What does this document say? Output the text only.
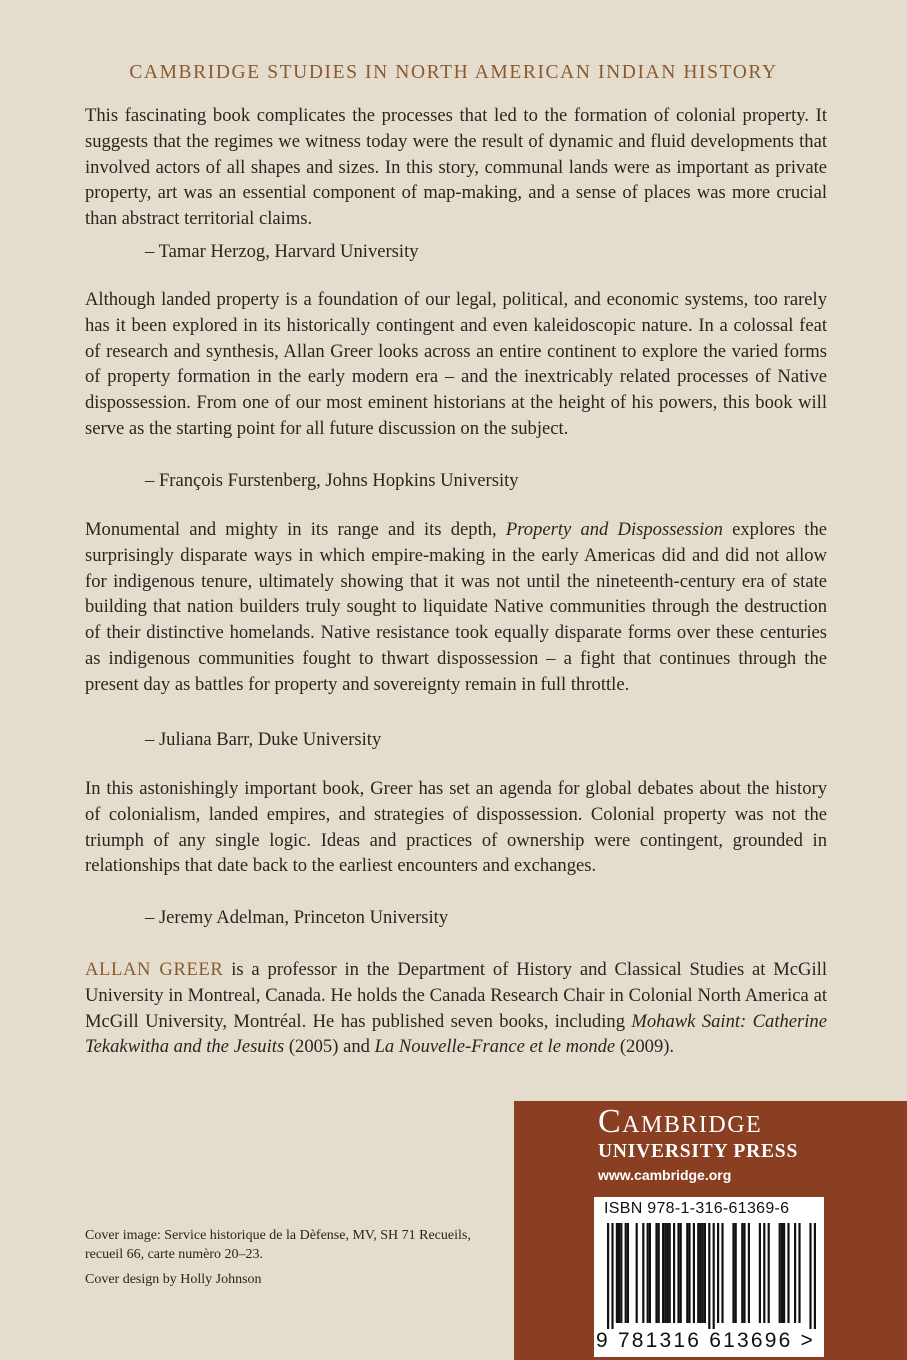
CAMBRIDGE STUDIES IN NORTH AMERICAN INDIAN HISTORY

This fascinating book complicates the processes that led to the formation of colonial property. It suggests that the regimes we witness today were the result of dynamic and fluid developments that involved actors of all shapes and sizes. In this story, communal lands were as important as private property, art was an essential component of map-making, and a sense of places was more crucial than abstract territorial claims.

– Tamar Herzog, Harvard University

Although landed property is a foundation of our legal, political, and economic systems, too rarely has it been explored in its historically contingent and even kaleidoscopic nature. In a colossal feat of research and synthesis, Allan Greer looks across an entire continent to explore the varied forms of property formation in the early modern era – and the inextricably related processes of Native dispossession. From one of our most eminent historians at the height of his powers, this book will serve as the starting point for all future discussion on the subject.

– François Furstenberg, Johns Hopkins University

Monumental and mighty in its range and its depth, Property and Dispossession explores the surprisingly disparate ways in which empire-making in the early Americas did and did not allow for indigenous tenure, ultimately showing that it was not until the nineteenth-century era of state building that nation builders truly sought to liquidate Native communities through the destruction of their distinctive homelands. Native resistance took equally disparate forms over these centuries as indigenous communities fought to thwart dispossession – a fight that continues through the present day as battles for property and sovereignty remain in full throttle.

– Juliana Barr, Duke University

In this astonishingly important book, Greer has set an agenda for global debates about the history of colonialism, landed empires, and strategies of dispossession. Colonial property was not the triumph of any single logic. Ideas and practices of ownership were contingent, grounded in relationships that date back to the earliest encounters and exchanges.

– Jeremy Adelman, Princeton University

ALLAN GREER is a professor in the Department of History and Classical Studies at McGill University in Montreal, Canada. He holds the Canada Research Chair in Colonial North America at McGill University, Montréal. He has published seven books, including Mohawk Saint: Catherine Tekakwitha and the Jesuits (2005) and La Nouvelle-France et le monde (2009).

Cover image: Service historique de la Dèfense, MV, SH 71 Recueils, recueil 66, carte numèro 20–23.

Cover design by Holly Johnson

Cambridge
UNIVERSITY PRESS
www.cambridge.org
ISBN 978-1-316-61369-6
9 781316 613696 >
